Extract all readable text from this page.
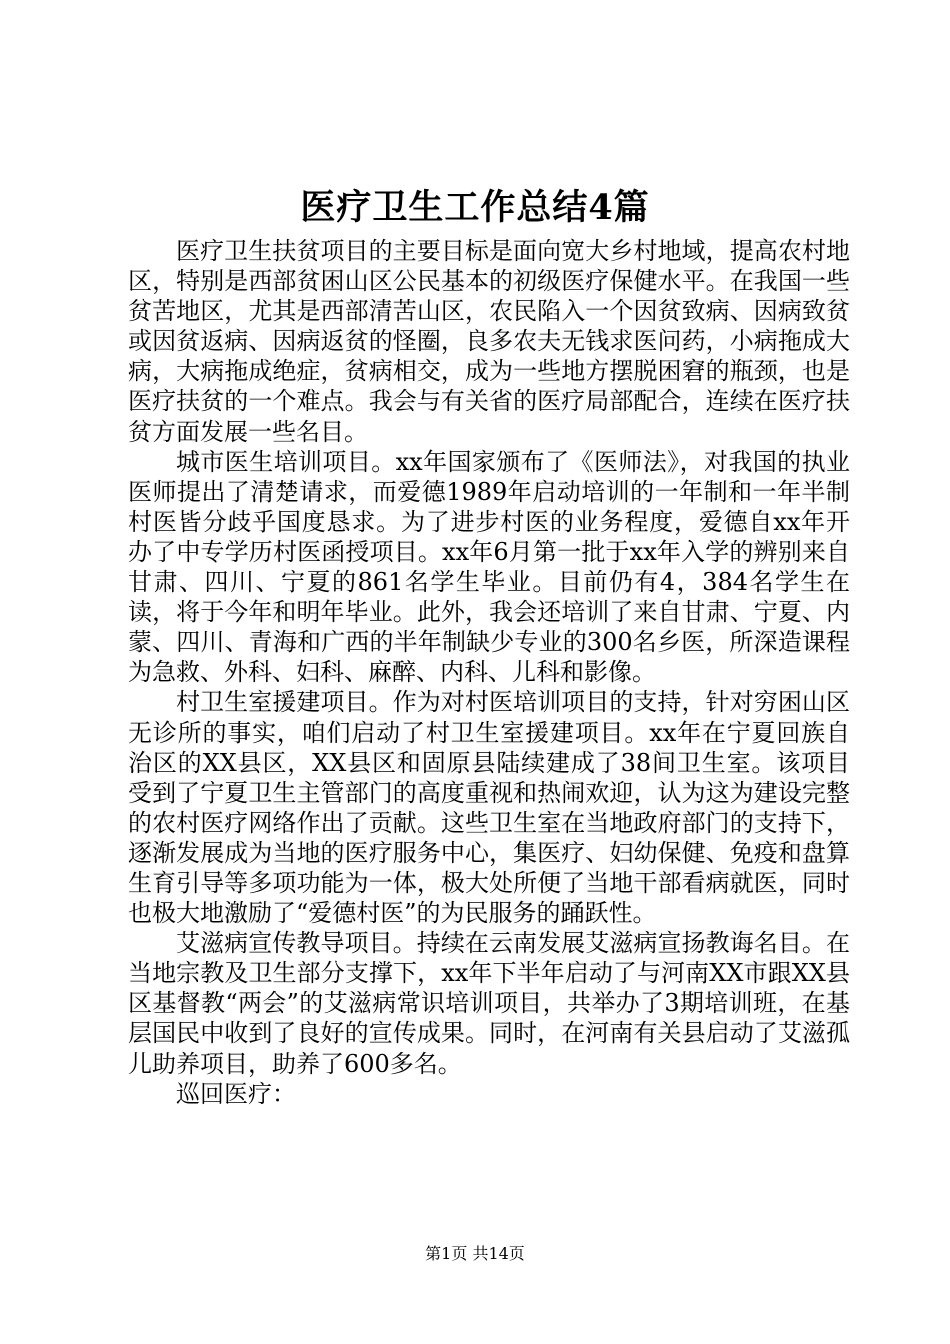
医疗卫生工作总结4篇

医疗卫生扶贫项目的主要目标是面向宽大乡村地域，提高农村地区，特别是西部贫困山区公民基本的初级医疗保健水平。在我国一些贫苦地区，尤其是西部清苦山区，农民陷入一个因贫致病、因病致贫或因贫返病、因病返贫的怪圈，良多农夫无钱求医问药，小病拖成大病，大病拖成绝症，贫病相交，成为一些地方摆脱困窘的瓶颈，也是医疗扶贫的一个难点。我会与有关省的医疗局部配合，连续在医疗扶贫方面发展一些名目。

城市医生培训项目。xx年国家颁布了《医师法》，对我国的执业医师提出了清楚请求，而爱德1989年启动培训的一年制和一年半制村医皆分歧乎国度恳求。为了进步村医的业务程度，爱德自xx年开办了中专学历村医函授项目。xx年6月第一批于xx年入学的辨别来自甘肃、四川、宁夏的861名学生毕业。目前仍有4，384名学生在读，将于今年和明年毕业。此外，我会还培训了来自甘肃、宁夏、内蒙、四川、青海和广西的半年制缺少专业的300名乡医，所深造课程为急救、外科、妇科、麻醉、内科、儿科和影像。

村卫生室援建项目。作为对村医培训项目的支持，针对穷困山区无诊所的事实，咱们启动了村卫生室援建项目。xx年在宁夏回族自治区的XX县区，XX县区和固原县陆续建成了38间卫生室。该项目受到了宁夏卫生主管部门的高度重视和热闹欢迎，认为这为建设完整的农村医疗网络作出了贡献。这些卫生室在当地政府部门的支持下，逐渐发展成为当地的医疗服务中心，集医疗、妇幼保健、免疫和盘算生育引导等多项功能为一体，极大处所便了当地干部看病就医，同时也极大地激励了“爱德村医”的为民服务的踊跃性。

艾滋病宣传教导项目。持续在云南发展艾滋病宣扬教诲名目。在当地宗教及卫生部分支撑下，xx年下半年启动了与河南XX市跟XX县区基督教“两会”的艾滋病常识培训项目，共举办了3期培训班，在基层国民中收到了良好的宣传成果。同时，在河南有关县启动了艾滋孤儿助养项目，助养了600多名。

巡回医疗：

第1页 共14页
